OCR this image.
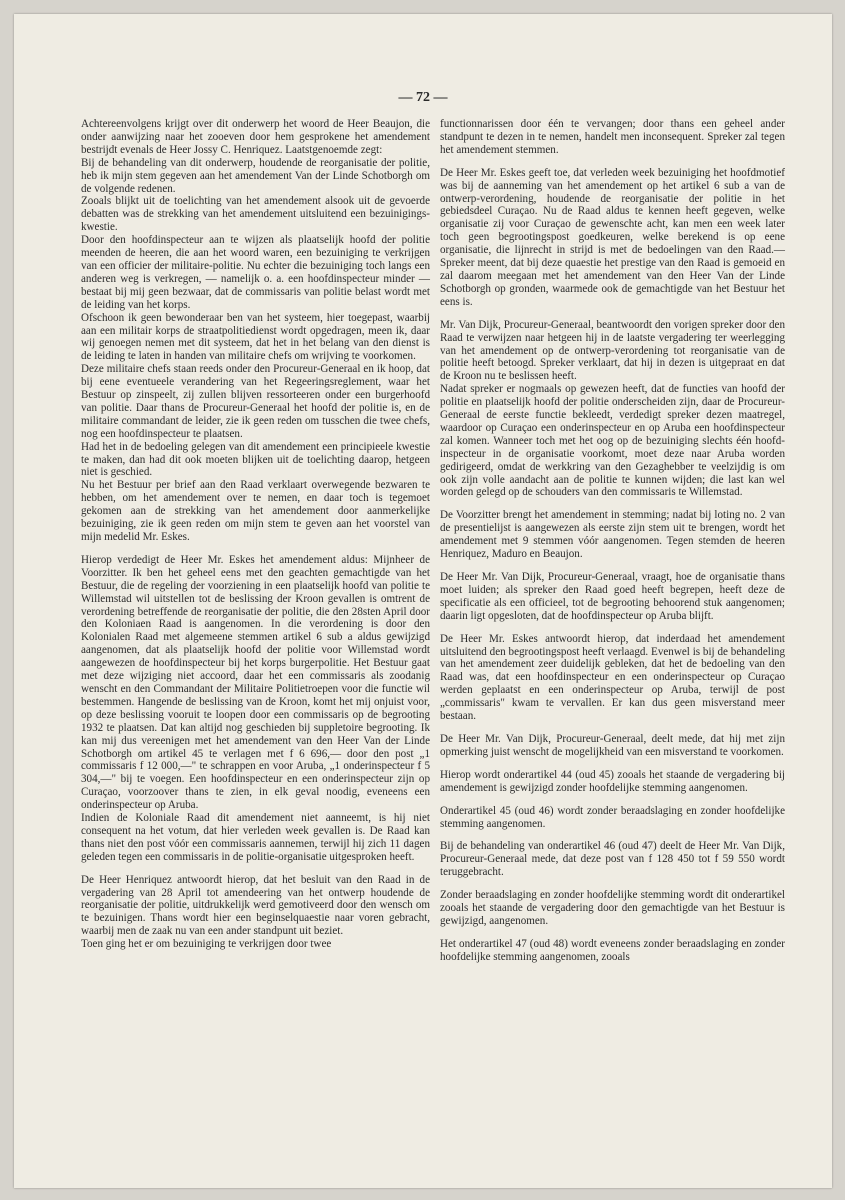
— 72 —

Achtereenvolgens krijgt over dit onderwerp het woord de Heer Beaujon, die onder aanwijzing naar het zooeven door hem gesprokene het amendement bestrijdt evenals de Heer Jossy C. Henriquez. Laatstgenoemde zegt:

Bij de behandeling van dit onderwerp, houdende de reorganisatie der politie, heb ik mijn stem gegeven aan het amendement Van der Linde Schotborgh om de volgende redenen.

Zooals blijkt uit de toelichting van het amendement alsook uit de gevoerde debatten was de strekking van het amendement uitsluitend een bezuinigings-kwestie.

Door den hoofdinspecteur aan te wijzen als plaatselijk hoofd der politie meenden de heeren, die aan het woord waren, een bezuiniging te verkrijgen van een officier der militaire-politie. Nu echter die bezuiniging toch langs een anderen weg is verkregen, — namelijk o. a. een hoofdinspecteur minder — bestaat bij mij geen bezwaar, dat de commissaris van politie belast wordt met de leiding van het korps.

Ofschoon ik geen bewonderaar ben van het systeem, hier toegepast, waarbij aan een militair korps de straatpolitiedienst wordt opgedragen, meen ik, daar wij genoegen nemen met dit systeem, dat het in het belang van den dienst is de leiding te laten in handen van militaire chefs om wrijving te voorkomen.

Deze militaire chefs staan reeds onder den Procureur-Generaal en ik hoop, dat bij eene eventueele verandering van het Regeeringsreglement, waar het Bestuur op zinspeelt, zij zullen blijven ressorteeren onder een burgerhoofd van politie. Daar thans de Procureur-Generaal het hoofd der politie is, en de militaire commandant de leider, zie ik geen reden om tusschen die twee chefs, nog een hoofdinspecteur te plaatsen.

Had het in de bedoeling gelegen van dit amendement een principieele kwestie te maken, dan had dit ook moeten blijken uit de toelichting daarop, hetgeen niet is geschied.

Nu het Bestuur per brief aan den Raad verklaart overwegende bezwaren te hebben, om het amendement over te nemen, en daar toch is tegemoet gekomen aan de strekking van het amendement door aanmerkelijke bezuiniging, zie ik geen reden om mijn stem te geven aan het voorstel van mijn medelid Mr. Eskes.

Hierop verdedigt de Heer Mr. Eskes het amendement aldus: Mijnheer de Voorzitter. Ik ben het geheel eens met den geachten gemachtigde van het Bestuur, die de regeling der voorziening in een plaatselijk hoofd van politie te Willemstad wil uitstellen tot de beslissing der Kroon gevallen is omtrent de verordening betreffende de reorganisatie der politie, die den 28sten April door den Koloniaen Raad is aangenomen. In die verordening is door den Kolonialen Raad met algemeene stemmen artikel 6 sub a aldus gewijzigd aangenomen, dat als plaatselijk hoofd der politie voor Willemstad wordt aangewezen de hoofdinspecteur bij het korps burgerpolitie. Het Bestuur gaat met deze wijziging niet accoord, daar het een commissaris als zoodanig wenscht en den Commandant der Militaire Politietroepen voor die functie wil bestemmen. Hangende de beslissing van de Kroon, komt het mij onjuist voor, op deze beslissing vooruit te loopen door een commissaris op de begrooting 1932 te plaatsen. Dat kan altijd nog geschieden bij suppletoire begrooting. Ik kan mij dus vereenigen met het amendement van den Heer Van der Linde Schotborgh om artikel 45 te verlagen met f 6 696,— door den post „1 commissaris f 12 000,—" te schrappen en voor Aruba, „1 onderinspecteur f 5 304,—" bij te voegen. Een hoofdinspecteur en een onderinspecteur zijn op Curaçao, voorzoover thans te zien, in elk geval noodig, eveneens een onderinspecteur op Aruba.

Indien de Koloniale Raad dit amendement niet aanneemt, is hij niet consequent na het votum, dat hier verleden week gevallen is. De Raad kan thans niet den post vóór een commissaris aannemen, terwijl hij zich 11 dagen geleden tegen een commissaris in de politie-organisatie uitgesproken heeft.

De Heer Henriquez antwoordt hierop, dat het besluit van den Raad in de vergadering van 28 April tot amendeering van het ontwerp houdende de reorganisatie der politie, uitdrukkelijk werd gemotiveerd door den wensch om te bezuinigen. Thans wordt hier een beginselquaestie naar voren gebracht, waarbij men de zaak nu van een ander standpunt uit beziet.

Toen ging het er om bezuiniging te verkrijgen door twee

functionnarissen door één te vervangen; door thans een geheel ander standpunt te dezen in te nemen, handelt men inconsequent. Spreker zal tegen het amendement stemmen.

De Heer Mr. Eskes geeft toe, dat verleden week bezuiniging het hoofdmotief was bij de aanneming van het amendement op het artikel 6 sub a van de ontwerp-verordening, houdende de reorganisatie der politie in het gebiedsdeel Curaçao. Nu de Raad aldus te kennen heeft gegeven, welke organisatie zij voor Curaçao de gewenschte acht, kan men een week later toch geen begrootingspost goedkeuren, welke berekend is op eene organisatie, die lijnrecht in strijd is met de bedoelingen van den Raad.— Spreker meent, dat bij deze quaestie het prestige van den Raad is gemoeid en zal daarom meegaan met het amendement van den Heer Van der Linde Schotborgh op gronden, waarmede ook de gemachtigde van het Bestuur het eens is.

Mr. Van Dijk, Procureur-Generaal, beantwoordt den vorigen spreker door den Raad te verwijzen naar hetgeen hij in de laatste vergadering ter weerlegging van het amendement op de ontwerp-verordening tot reorganisatie van de politie heeft betoogd. Spreker verklaart, dat hij in dezen is uitgepraat en dat de Kroon nu te beslissen heeft.

Nadat spreker er nogmaals op gewezen heeft, dat de functies van hoofd der politie en plaatselijk hoofd der politie onderscheiden zijn, daar de Procureur-Generaal de eerste functie bekleedt, verdedigt spreker dezen maatregel, waardoor op Curaçao een onderinspecteur en op Aruba een hoofdinspecteur zal komen. Wanneer toch met het oog op de bezuiniging slechts één hoofd-inspecteur in de organisatie voorkomt, moet deze naar Aruba worden gedirigeerd, omdat de werkkring van den Gezaghebber te veelzijdig is om ook zijn volle aandacht aan de politie te kunnen wijden; die last kan wel worden gelegd op de schouders van den commissaris te Willemstad.

De Voorzitter brengt het amendement in stemming; nadat bij loting no. 2 van de presentielijst is aangewezen als eerste zijn stem uit te brengen, wordt het amendement met 9 stemmen vóór aangenomen. Tegen stemden de heeren Henriquez, Maduro en Beaujon.

De Heer Mr. Van Dijk, Procureur-Generaal, vraagt, hoe de organisatie thans moet luiden; als spreker den Raad goed heeft begrepen, heeft deze de specificatie als een officieel, tot de begrooting behoorend stuk aangenomen; daarin ligt opgesloten, dat de hoofdinspecteur op Aruba blijft.

De Heer Mr. Eskes antwoordt hierop, dat inderdaad het amendement uitsluitend den begrootingspost heeft verlaagd. Evenwel is bij de behandeling van het amendement zeer duidelijk gebleken, dat het de bedoeling van den Raad was, dat een hoofdinspecteur en een onderinspecteur op Curaçao werden geplaatst en een onderinspecteur op Aruba, terwijl de post „commissaris" kwam te vervallen. Er kan dus geen misverstand meer bestaan.

De Heer Mr. Van Dijk, Procureur-Generaal, deelt mede, dat hij met zijn opmerking juist wenscht de mogelijkheid van een misverstand te voorkomen.

Hierop wordt onderartikel 44 (oud 45) zooals het staande de vergadering bij amendement is gewijzigd zonder hoofdelijke stemming aangenomen.

Onderartikel 45 (oud 46) wordt zonder beraadslaging en zonder hoofdelijke stemming aangenomen.

Bij de behandeling van onderartikel 46 (oud 47) deelt de Heer Mr. Van Dijk, Procureur-Generaal mede, dat deze post van f 128 450 tot f 59 550 wordt teruggebracht.

Zonder beraadslaging en zonder hoofdelijke stemming wordt dit onderartikel zooals het staande de vergadering door den gemachtigde van het Bestuur is gewijzigd, aangenomen.

Het onderartikel 47 (oud 48) wordt eveneens zonder beraadslaging en zonder hoofdelijke stemming aangenomen, zooals
